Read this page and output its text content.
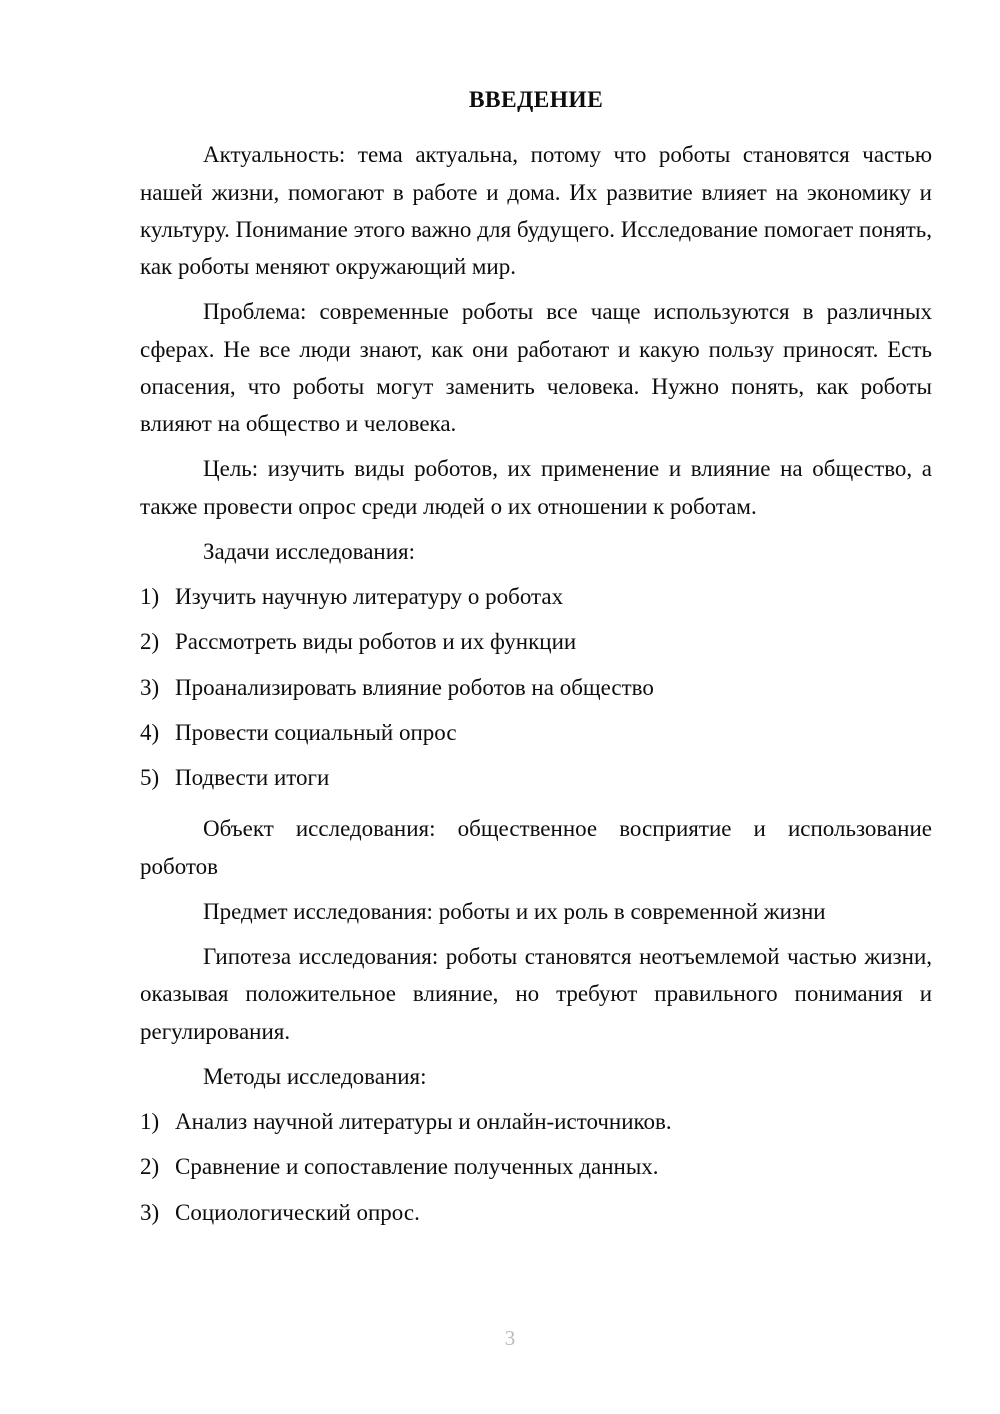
ВВЕДЕНИЕ

Актуальность: тема актуальна, потому что роботы становятся частью нашей жизни, помогают в работе и дома. Их развитие влияет на экономику и культуру. Понимание этого важно для будущего. Исследование помогает понять, как роботы меняют окружающий мир.

Проблема: современные роботы все чаще используются в различных сферах. Не все люди знают, как они работают и какую пользу приносят. Есть опасения, что роботы могут заменить человека. Нужно понять, как роботы влияют на общество и человека.

Цель: изучить виды роботов, их применение и влияние на общество, а также провести опрос среди людей о их отношении к роботам.

Задачи исследования:

1) Изучить научную литературу о роботах
2) Рассмотреть виды роботов и их функции
3) Проанализировать влияние роботов на общество
4) Провести социальный опрос
5) Подвести итоги

Объект исследования: общественное восприятие и использование роботов

Предмет исследования: роботы и их роль в современной жизни

Гипотеза исследования: роботы становятся неотъемлемой частью жизни, оказывая положительное влияние, но требуют правильного понимания и регулирования.

Методы исследования:

1) Анализ научной литературы и онлайн-источников.
2) Сравнение и сопоставление полученных данных.
3) Социологический опрос.
3
